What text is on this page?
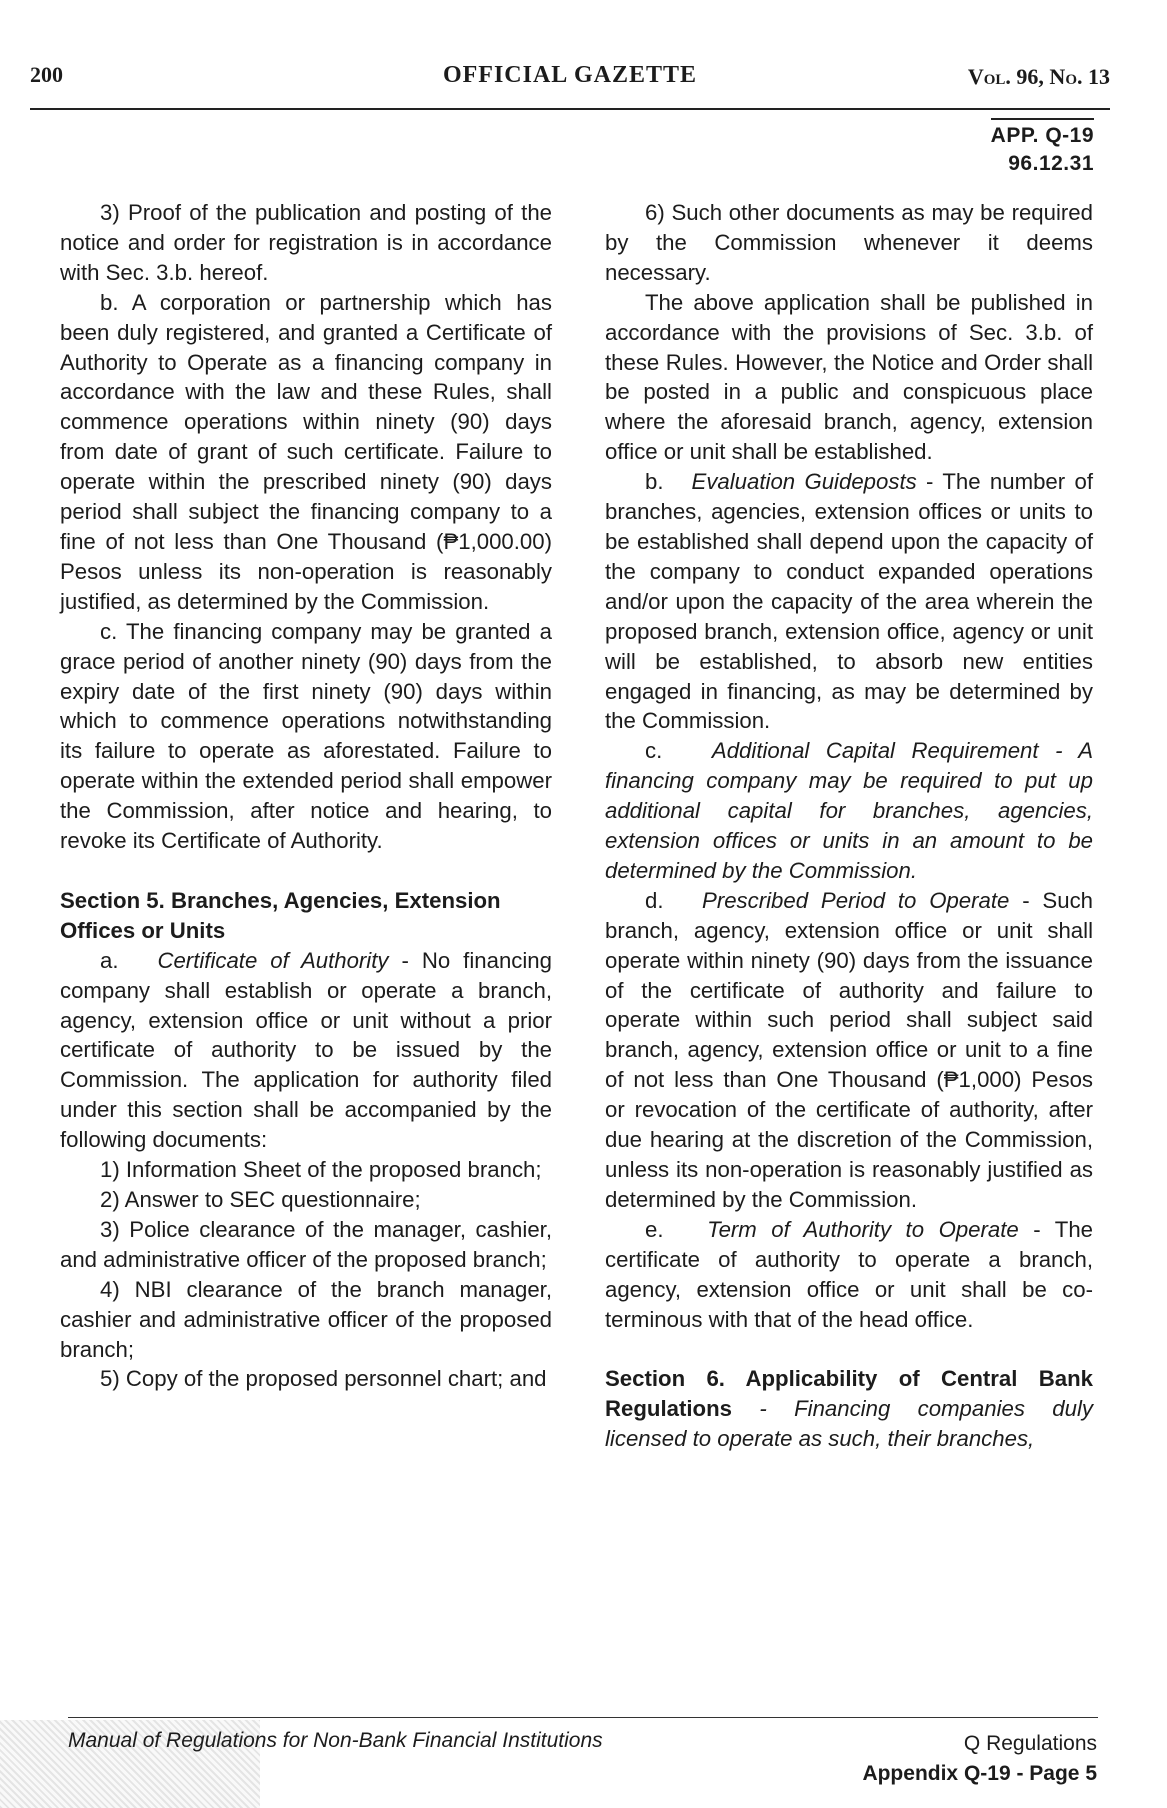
200	OFFICIAL GAZETTE	Vol. 96, No. 13
APP. Q-19
96.12.31

3) Proof of the publication and posting of the notice and order for registration is in accordance with Sec. 3.b. hereof.

b. A corporation or partnership which has been duly registered, and granted a Certificate of Authority to Operate as a financing company in accordance with the law and these Rules, shall commence operations within ninety (90) days from date of grant of such certificate. Failure to operate within the prescribed ninety (90) days period shall subject the financing company to a fine of not less than One Thousand (₱1,000.00) Pesos unless its non-operation is reasonably justified, as determined by the Commission.

c. The financing company may be granted a grace period of another ninety (90) days from the expiry date of the first ninety (90) days within which to commence operations notwithstanding its failure to operate as aforestated. Failure to operate within the extended period shall empower the Commission, after notice and hearing, to revoke its Certificate of Authority.

Section 5. Branches, Agencies, Extension Offices or Units

a. Certificate of Authority - No financing company shall establish or operate a branch, agency, extension office or unit without a prior certificate of authority to be issued by the Commission. The application for authority filed under this section shall be accompanied by the following documents:

1) Information Sheet of the proposed branch;

2) Answer to SEC questionnaire;

3) Police clearance of the manager, cashier, and administrative officer of the proposed branch;

4) NBI clearance of the branch manager, cashier and administrative officer of the proposed branch;

5) Copy of the proposed personnel chart; and

6) Such other documents as may be required by the Commission whenever it deems necessary.

The above application shall be published in accordance with the provisions of Sec. 3.b. of these Rules. However, the Notice and Order shall be posted in a public and conspicuous place where the aforesaid branch, agency, extension office or unit shall be established.

b. Evaluation Guideposts - The number of branches, agencies, extension offices or units to be established shall depend upon the capacity of the company to conduct expanded operations and/or upon the capacity of the area wherein the proposed branch, extension office, agency or unit will be established, to absorb new entities engaged in financing, as may be determined by the Commission.

c. Additional Capital Requirement - A financing company may be required to put up additional capital for branches, agencies, extension offices or units in an amount to be determined by the Commission.

d. Prescribed Period to Operate - Such branch, agency, extension office or unit shall operate within ninety (90) days from the issuance of the certificate of authority and failure to operate within such period shall subject said branch, agency, extension office or unit to a fine of not less than One Thousand (₱1,000) Pesos or revocation of the certificate of authority, after due hearing at the discretion of the Commission, unless its non-operation is reasonably justified as determined by the Commission.

e. Term of Authority to Operate - The certificate of authority to operate a branch, agency, extension office or unit shall be co-terminous with that of the head office.

Section 6. Applicability of Central Bank Regulations - Financing companies duly licensed to operate as such, their branches,

Manual of Regulations for Non-Bank Financial Institutions	Q Regulations
Appendix Q-19 - Page 5
